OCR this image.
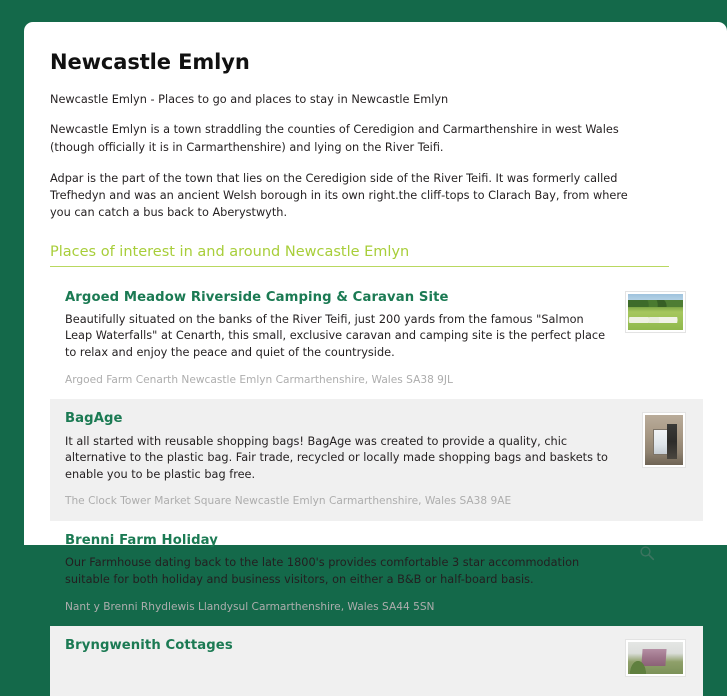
Newcastle Emlyn

Newcastle Emlyn - Places to go and places to stay in Newcastle Emlyn

Newcastle Emlyn is a town straddling the counties of Ceredigion and Carmarthenshire in west Wales (though officially it is in Carmarthenshire) and lying on the River Teifi.

Adpar is the part of the town that lies on the Ceredigion side of the River Teifi. It was formerly called Trefhedyn and was an ancient Welsh borough in its own right.the cliff-tops to Clarach Bay, from where you can catch a bus back to Aberystwyth.

Places of interest in and around Newcastle Emlyn
Argoed Meadow Riverside Camping & Caravan Site

Beautifully situated on the banks of the River Teifi, just 200 yards from the famous "Salmon Leap Waterfalls" at Cenarth, this small, exclusive caravan and camping site is the perfect place to relax and enjoy the peace and quiet of the countryside.

Argoed Farm Cenarth Newcastle Emlyn Carmarthenshire, Wales SA38 9JL

BagAge

It all started with reusable shopping bags! BagAge was created to provide a quality, chic alternative to the plastic bag. Fair trade, recycled or locally made shopping bags and baskets to enable you to be plastic bag free.

The Clock Tower Market Square Newcastle Emlyn Carmarthenshire, Wales SA38 9AE

Brenni Farm Holiday

Our Farmhouse dating back to the late 1800's provides comfortable 3 star accommodation suitable for both holiday and business visitors, on either a B&B or half-board basis.

Nant y Brenni Rhydlewis Llandysul Carmarthenshire, Wales SA44 5SN

Bryngwenith Cottages
